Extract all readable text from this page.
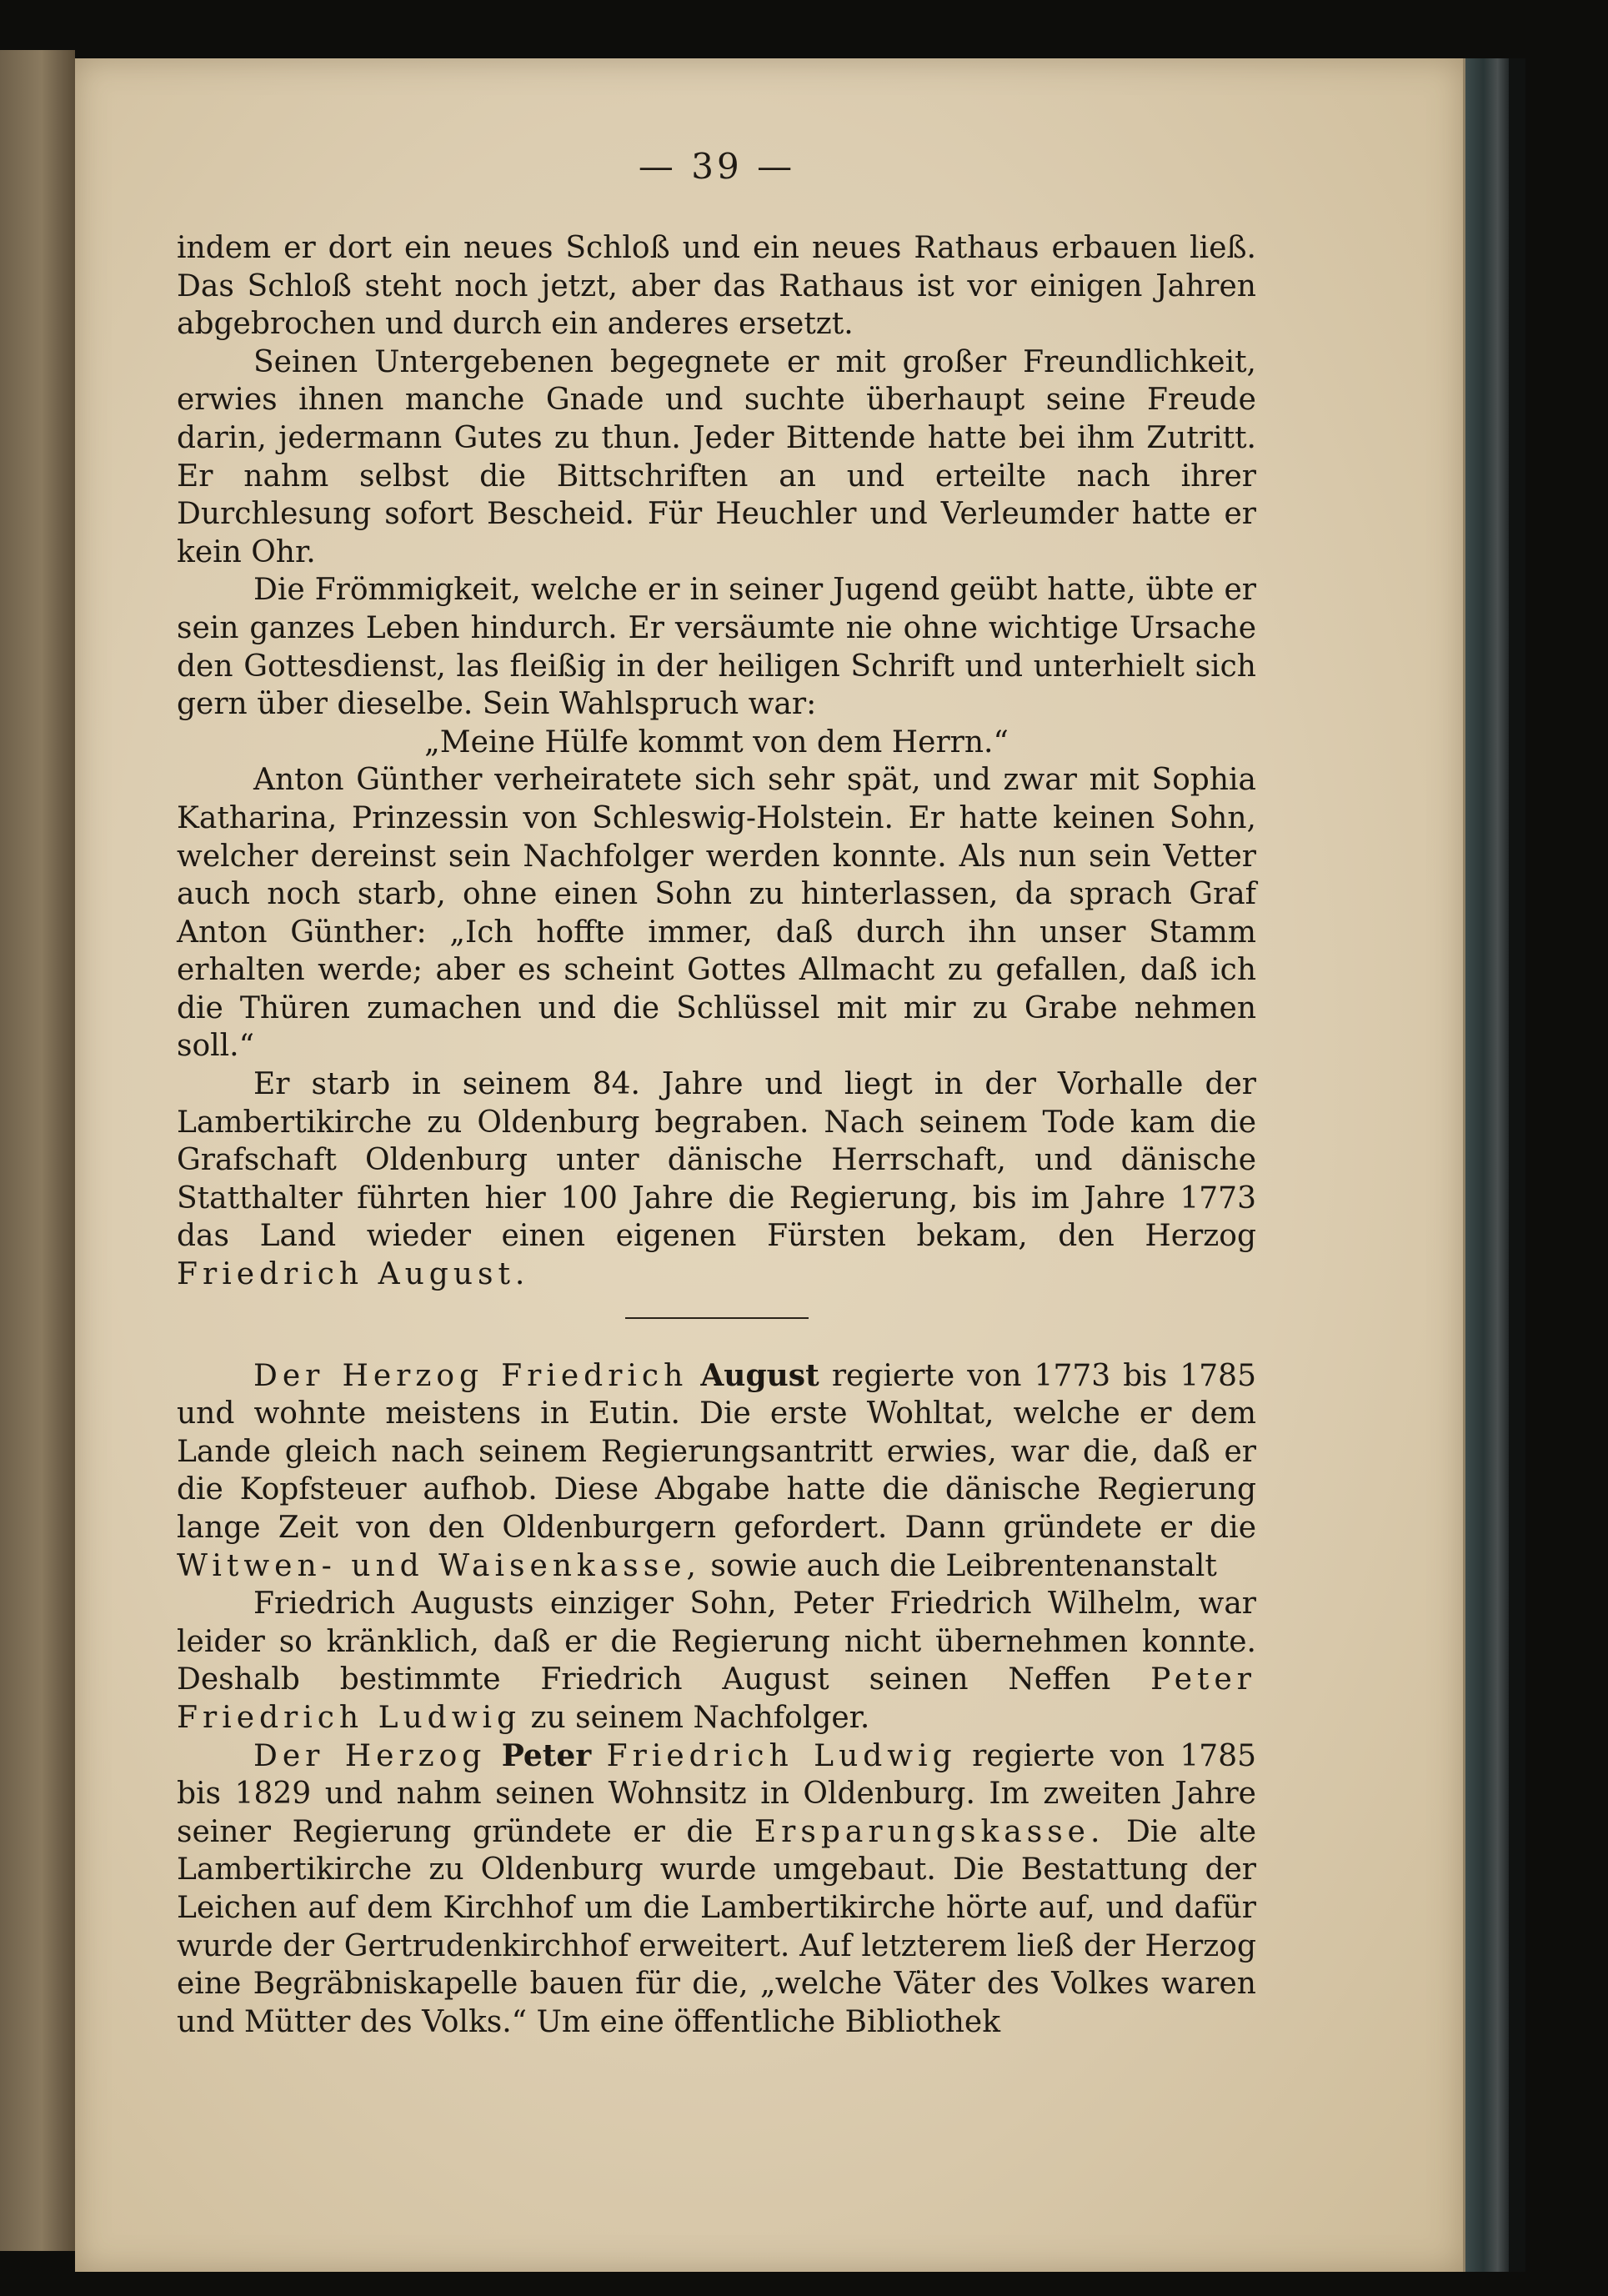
— 39 —

indem er dort ein neues Schloß und ein neues Rathaus erbauen ließ. Das Schloß steht noch jetzt, aber das Rathaus ist vor einigen Jahren abgebrochen und durch ein anderes ersetzt.

Seinen Untergebenen begegnete er mit großer Freundlichkeit, erwies ihnen manche Gnade und suchte überhaupt seine Freude darin, jedermann Gutes zu thun. Jeder Bittende hatte bei ihm Zutritt. Er nahm selbst die Bittschriften an und erteilte nach ihrer Durchlesung sofort Bescheid. Für Heuchler und Verleumder hatte er kein Ohr.

Die Frömmigkeit, welche er in seiner Jugend geübt hatte, übte er sein ganzes Leben hindurch. Er versäumte nie ohne wichtige Ursache den Gottesdienst, las fleißig in der heiligen Schrift und unterhielt sich gern über dieselbe. Sein Wahlspruch war:

„Meine Hülfe kommt von dem Herrn.“

Anton Günther verheiratete sich sehr spät, und zwar mit Sophia Katharina, Prinzessin von Schleswig-Holstein. Er hatte keinen Sohn, welcher dereinst sein Nachfolger werden konnte. Als nun sein Vetter auch noch starb, ohne einen Sohn zu hinterlassen, da sprach Graf Anton Günther: „Ich hoffte immer, daß durch ihn unser Stamm erhalten werde; aber es scheint Gottes Allmacht zu gefallen, daß ich die Thüren zumachen und die Schlüssel mit mir zu Grabe nehmen soll.“

Er starb in seinem 84. Jahre und liegt in der Vorhalle der Lambertikirche zu Oldenburg begraben. Nach seinem Tode kam die Grafschaft Oldenburg unter dänische Herrschaft, und dänische Statthalter führten hier 100 Jahre die Regierung, bis im Jahre 1773 das Land wieder einen eigenen Fürsten bekam, den Herzog Friedrich August.

Der Herzog Friedrich August regierte von 1773 bis 1785 und wohnte meistens in Eutin. Die erste Wohltat, welche er dem Lande gleich nach seinem Regierungsantritt erwies, war die, daß er die Kopfsteuer aufhob. Diese Abgabe hatte die dänische Regierung lange Zeit von den Oldenburgern gefordert. Dann gründete er die Witwen- und Waisenkasse, sowie auch die Leibrentenanstalt

Friedrich Augusts einziger Sohn, Peter Friedrich Wilhelm, war leider so kränklich, daß er die Regierung nicht übernehmen konnte. Deshalb bestimmte Friedrich August seinen Neffen Peter Friedrich Ludwig zu seinem Nachfolger.

Der Herzog Peter Friedrich Ludwig regierte von 1785 bis 1829 und nahm seinen Wohnsitz in Oldenburg. Im zweiten Jahre seiner Regierung gründete er die Ersparungskasse. Die alte Lambertikirche zu Oldenburg wurde umgebaut. Die Bestattung der Leichen auf dem Kirchhof um die Lambertikirche hörte auf, und dafür wurde der Gertrudenkirchhof erweitert. Auf letzterem ließ der Herzog eine Begräbniskapelle bauen für die, „welche Väter des Volkes waren und Mütter des Volks.“ Um eine öffentliche Bibliothek
